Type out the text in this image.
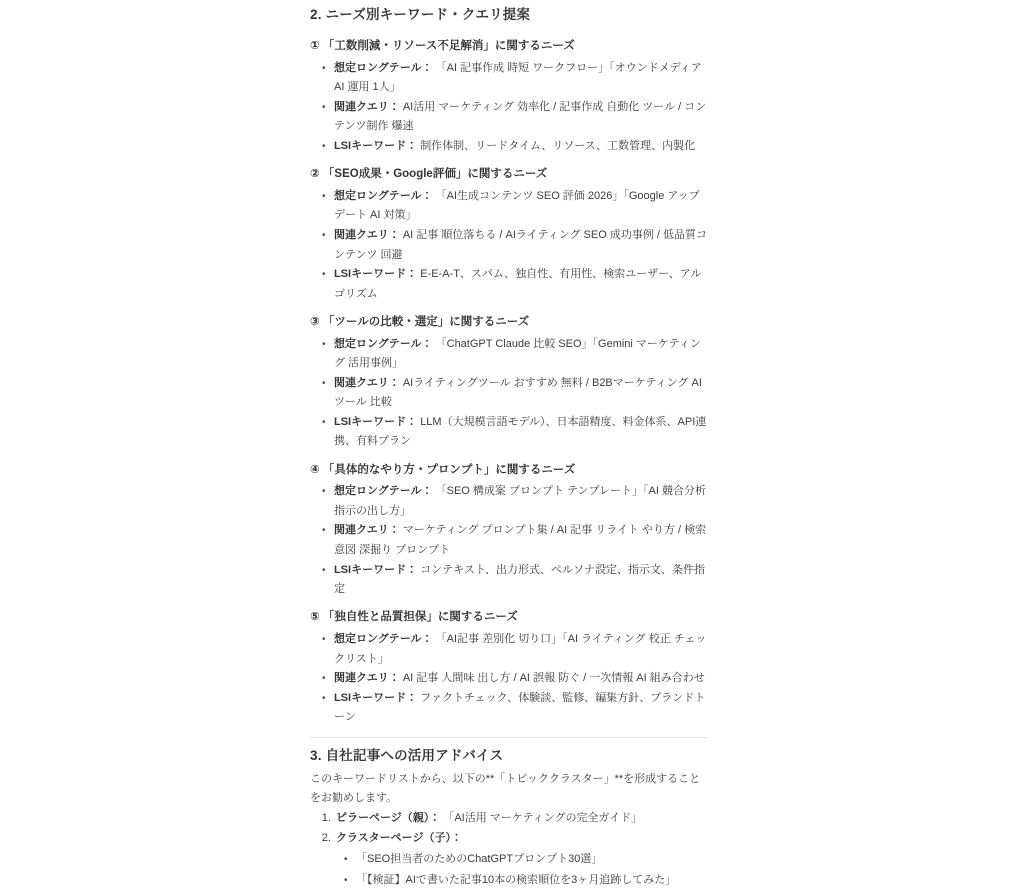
2. ニーズ別キーワード・クエリ提案
① 「工数削減・リソース不足解消」に関するニーズ
• 想定ロングテール： 「AI 記事作成 時短 ワークフロー」「オウンドメディア AI 運用 1人」
• 関連クエリ： AI活用 マーケティング 効率化 / 記事作成 自動化 ツール / コンテンツ制作 爆速
• LSIキーワード： 制作体制、リードタイム、リソース、工数管理、内製化
② 「SEO成果・Google評価」に関するニーズ
• 想定ロングテール： 「AI生成コンテンツ SEO 評価 2026」「Google アップデート AI 対策」
• 関連クエリ： AI 記事 順位落ちる / AIライティング SEO 成功事例 / 低品質コンテンツ 回避
• LSIキーワード： E-E-A-T、スパム、独自性、有用性、検索ユーザー、アルゴリズム
③ 「ツールの比較・選定」に関するニーズ
• 想定ロングテール： 「ChatGPT Claude 比較 SEO」「Gemini マーケティング 活用事例」
• 関連クエリ： AIライティングツール おすすめ 無料 / B2Bマーケティング AIツール 比較
• LSIキーワード： LLM（大規模言語モデル）、日本語精度、料金体系、API連携、有料プラン
④ 「具体的なやり方・プロンプト」に関するニーズ
• 想定ロングテール： 「SEO 構成案 プロンプト テンプレート」「AI 競合分析 指示の出し方」
• 関連クエリ： マーケティング プロンプト集 / AI 記事 リライト やり方 / 検索意図 深掘り プロンプト
• LSIキーワード： コンテキスト、出力形式、ペルソナ設定、指示文、条件指定
⑤ 「独自性と品質担保」に関するニーズ
• 想定ロングテール： 「AI記事 差別化 切り口」「AI ライティング 校正 チェックリスト」
• 関連クエリ： AI 記事 人間味 出し方 / AI 誤報 防ぐ / 一次情報 AI 組み合わせ
• LSIキーワード： ファクトチェック、体験談、監修、編集方針、ブランドトーン
3. 自社記事への活用アドバイス

このキーワードリストから、以下の**「トピッククラスター」**を形成することをお勧めします。

1. ピラーページ（親）： 「AI活用 マーケティングの完全ガイド」
2. クラスターページ（子）：
• 「SEO担当者のためのChatGPTプロンプト30選」
• 「【検証】AIで書いた記事10本の検索順位を3ヶ月追跡してみた」
